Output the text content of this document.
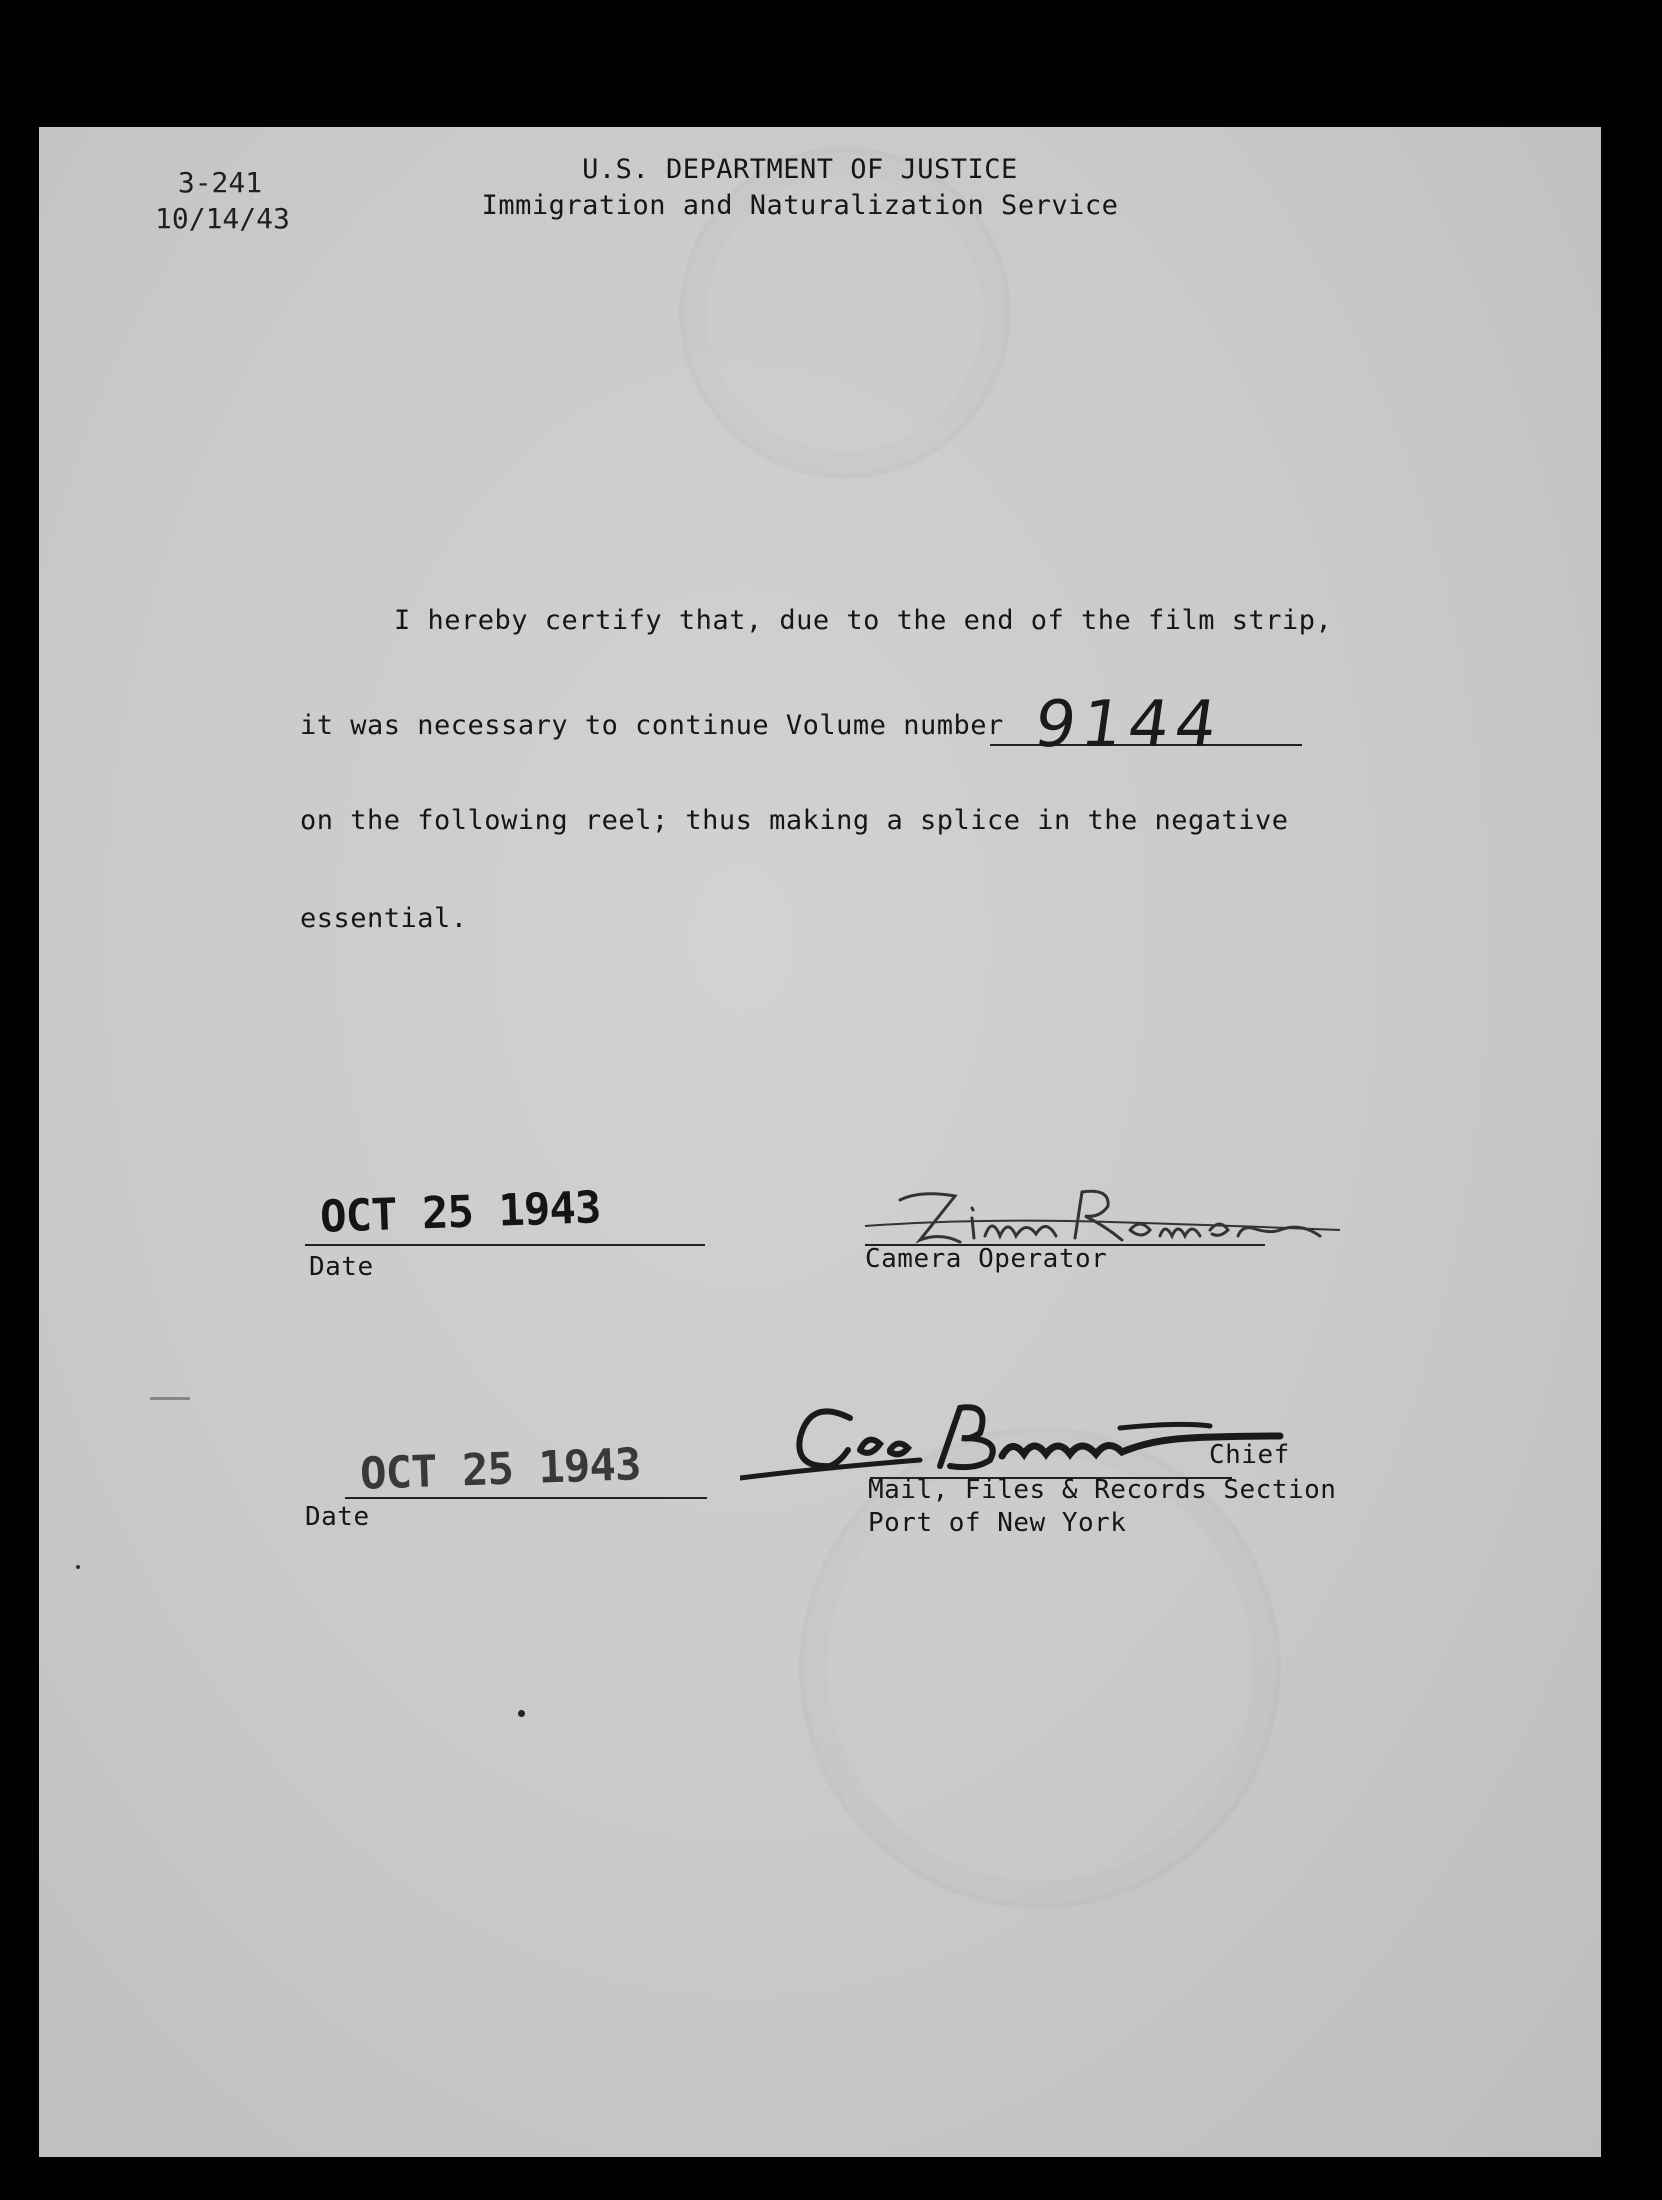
3-241
10/14/43
U.S. DEPARTMENT OF JUSTICE
Immigration and Naturalization Service
I hereby certify that, due to the end of the film strip,
it was necessary to continue Volume number 9144
on the following reel; thus making a splice in the negative
essential.
OCT 25 1943
Date	Camera Operator
OCT 25 1943
Date
Chief
Mail, Files & Records Section
Port of New York
